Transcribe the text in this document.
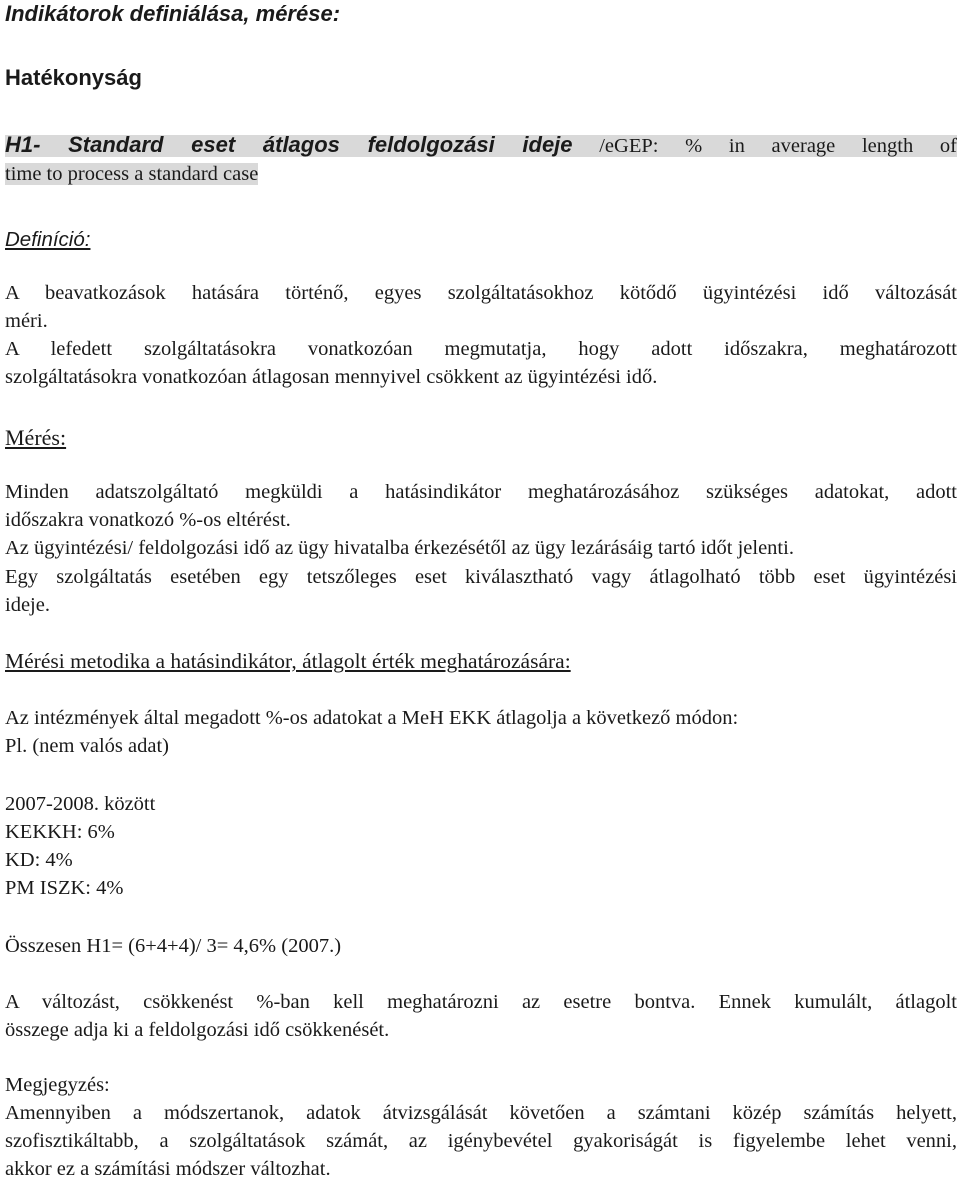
Indikátorok definiálása, mérése:
Hatékonyság
H1- Standard eset átlagos feldolgozási ideje /eGEP: % in average length of
time to process a standard case
Definíció:
A beavatkozások hatására történő, egyes szolgáltatásokhoz kötődő ügyintézési idő változását
méri.
A lefedett szolgáltatásokra vonatkozóan megmutatja, hogy adott időszakra, meghatározott
szolgáltatásokra vonatkozóan átlagosan mennyivel csökkent az ügyintézési idő.
Mérés:
Minden adatszolgáltató megküldi a hatásindikátor meghatározásához szükséges adatokat, adott
időszakra vonatkozó %-os eltérést.
Az ügyintézési/ feldolgozási idő az ügy hivatalba érkezésétől az ügy lezárásáig tartó időt jelenti.
Egy szolgáltatás esetében egy tetszőleges eset kiválasztható vagy átlagolható több eset ügyintézési
ideje.
Mérési metodika a hatásindikátor, átlagolt érték meghatározására:
Az intézmények által megadott %-os adatokat a MeH EKK átlagolja a következő módon:
Pl. (nem valós adat)
2007-2008. között
KEKKH: 6%
KD: 4%
PM ISZK: 4%
Összesen H1= (6+4+4)/ 3= 4,6% (2007.)
A változást, csökkenést %-ban kell meghatározni az esetre bontva. Ennek kumulált, átlagolt
összege adja ki a feldolgozási idő csökkenését.
Megjegyzés:
Amennyiben a módszertanok, adatok átvizsgálását követően a számtani közép számítás helyett,
szofisztikáltabb, a szolgáltatások számát, az igénybevétel gyakoriságát is figyelembe lehet venni,
akkor ez a számítási módszer változhat.
